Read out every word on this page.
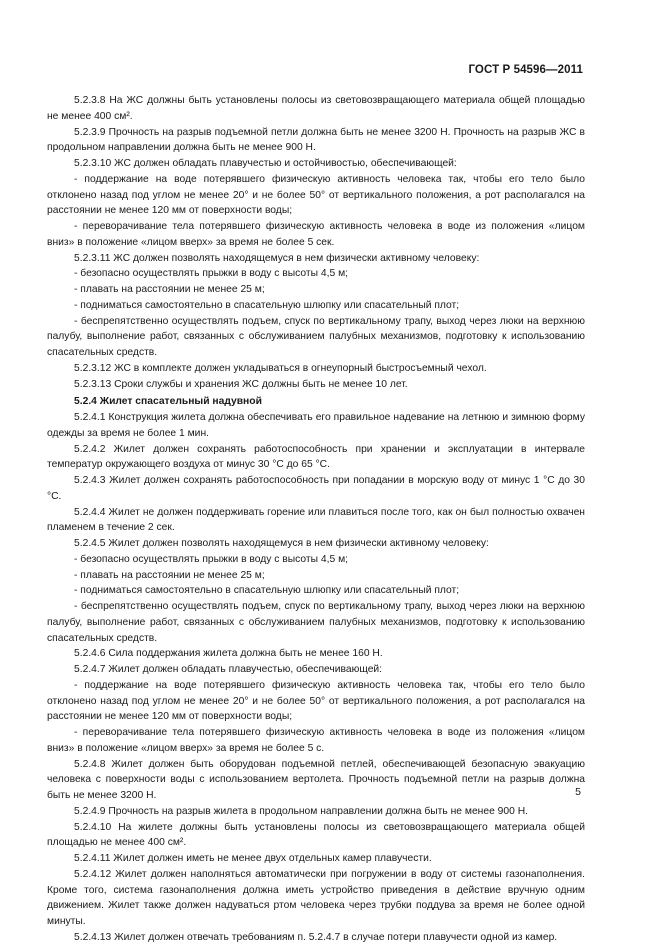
ГОСТ Р 54596—2011

5.2.3.8 На ЖС должны быть установлены полосы из световозвращающего материала общей площадью не менее 400 см².

5.2.3.9 Прочность на разрыв подъемной петли должна быть не менее 3200 Н. Прочность на разрыв ЖС в продольном направлении должна быть не менее 900 Н.

5.2.3.10 ЖС должен обладать плавучестью и остойчивостью, обеспечивающей:

- поддержание на воде потерявшего физическую активность человека так, чтобы его тело было отклонено назад под углом не менее 20° и не более 50° от вертикального положения, а рот располагался на расстоянии не менее 120 мм от поверхности воды;

- переворачивание тела потерявшего физическую активность человека в воде из положения «лицом вниз» в положение «лицом вверх» за время не более 5 сек.

5.2.3.11 ЖС должен позволять находящемуся в нем физически активному человеку:

- безопасно осуществлять прыжки в воду с высоты 4,5 м;

- плавать на расстоянии не менее 25 м;

- подниматься самостоятельно в спасательную шлюпку или спасательный плот;

- беспрепятственно осуществлять подъем, спуск по вертикальному трапу, выход через люки на верхнюю палубу, выполнение работ, связанных с обслуживанием палубных механизмов, подготовку к использованию спасательных средств.

5.2.3.12 ЖС в комплекте должен укладываться в огнеупорный быстросъемный чехол.

5.2.3.13 Сроки службы и хранения ЖС должны быть не менее 10 лет.

5.2.4 Жилет спасательный надувной

5.2.4.1 Конструкция жилета должна обеспечивать его правильное надевание на летнюю и зимнюю форму одежды за время не более 1 мин.

5.2.4.2 Жилет должен сохранять работоспособность при хранении и эксплуатации в интервале температур окружающего воздуха от минус 30 °С до 65 °С.

5.2.4.3 Жилет должен сохранять работоспособность при попадании в морскую воду от минус 1 °С до 30 °С.

5.2.4.4 Жилет не должен поддерживать горение или плавиться после того, как он был полностью охвачен пламенем в течение 2 сек.

5.2.4.5 Жилет должен позволять находящемуся в нем физически активному человеку:

- безопасно осуществлять прыжки в воду с высоты 4,5 м;

- плавать на расстоянии не менее 25 м;

- подниматься самостоятельно в спасательную шлюпку или спасательный плот;

- беспрепятственно осуществлять подъем, спуск по вертикальному трапу, выход через люки на верхнюю палубу, выполнение работ, связанных с обслуживанием палубных механизмов, подготовку к использованию спасательных средств.

5.2.4.6 Сила поддержания жилета должна быть не менее 160 Н.

5.2.4.7 Жилет должен обладать плавучестью, обеспечивающей:

- поддержание на воде потерявшего физическую активность человека так, чтобы его тело было отклонено назад под углом не менее 20° и не более 50° от вертикального положения, а рот располагался на расстоянии не менее 120 мм от поверхности воды;

- переворачивание тела потерявшего физическую активность человека в воде из положения «лицом вниз» в положение «лицом вверх» за время не более 5 с.

5.2.4.8 Жилет должен быть оборудован подъемной петлей, обеспечивающей безопасную эвакуацию человека с поверхности воды с использованием вертолета. Прочность подъемной петли на разрыв должна быть не менее 3200 Н.

5.2.4.9 Прочность на разрыв жилета в продольном направлении должна быть не менее 900 Н.

5.2.4.10 На жилете должны быть установлены полосы из световозвращающего материала общей площадью не менее 400 см².

5.2.4.11 Жилет должен иметь не менее двух отдельных камер плавучести.

5.2.4.12 Жилет должен наполняться автоматически при погружении в воду от системы газонаполнения. Кроме того, система газонаполнения должна иметь устройство приведения в действие вручную одним движением. Жилет также должен надуваться ртом человека через трубки поддува за время не более одной минуты.

5.2.4.13 Жилет должен отвечать требованиям п. 5.2.4.7 в случае потери плавучести одной из камер.

5
